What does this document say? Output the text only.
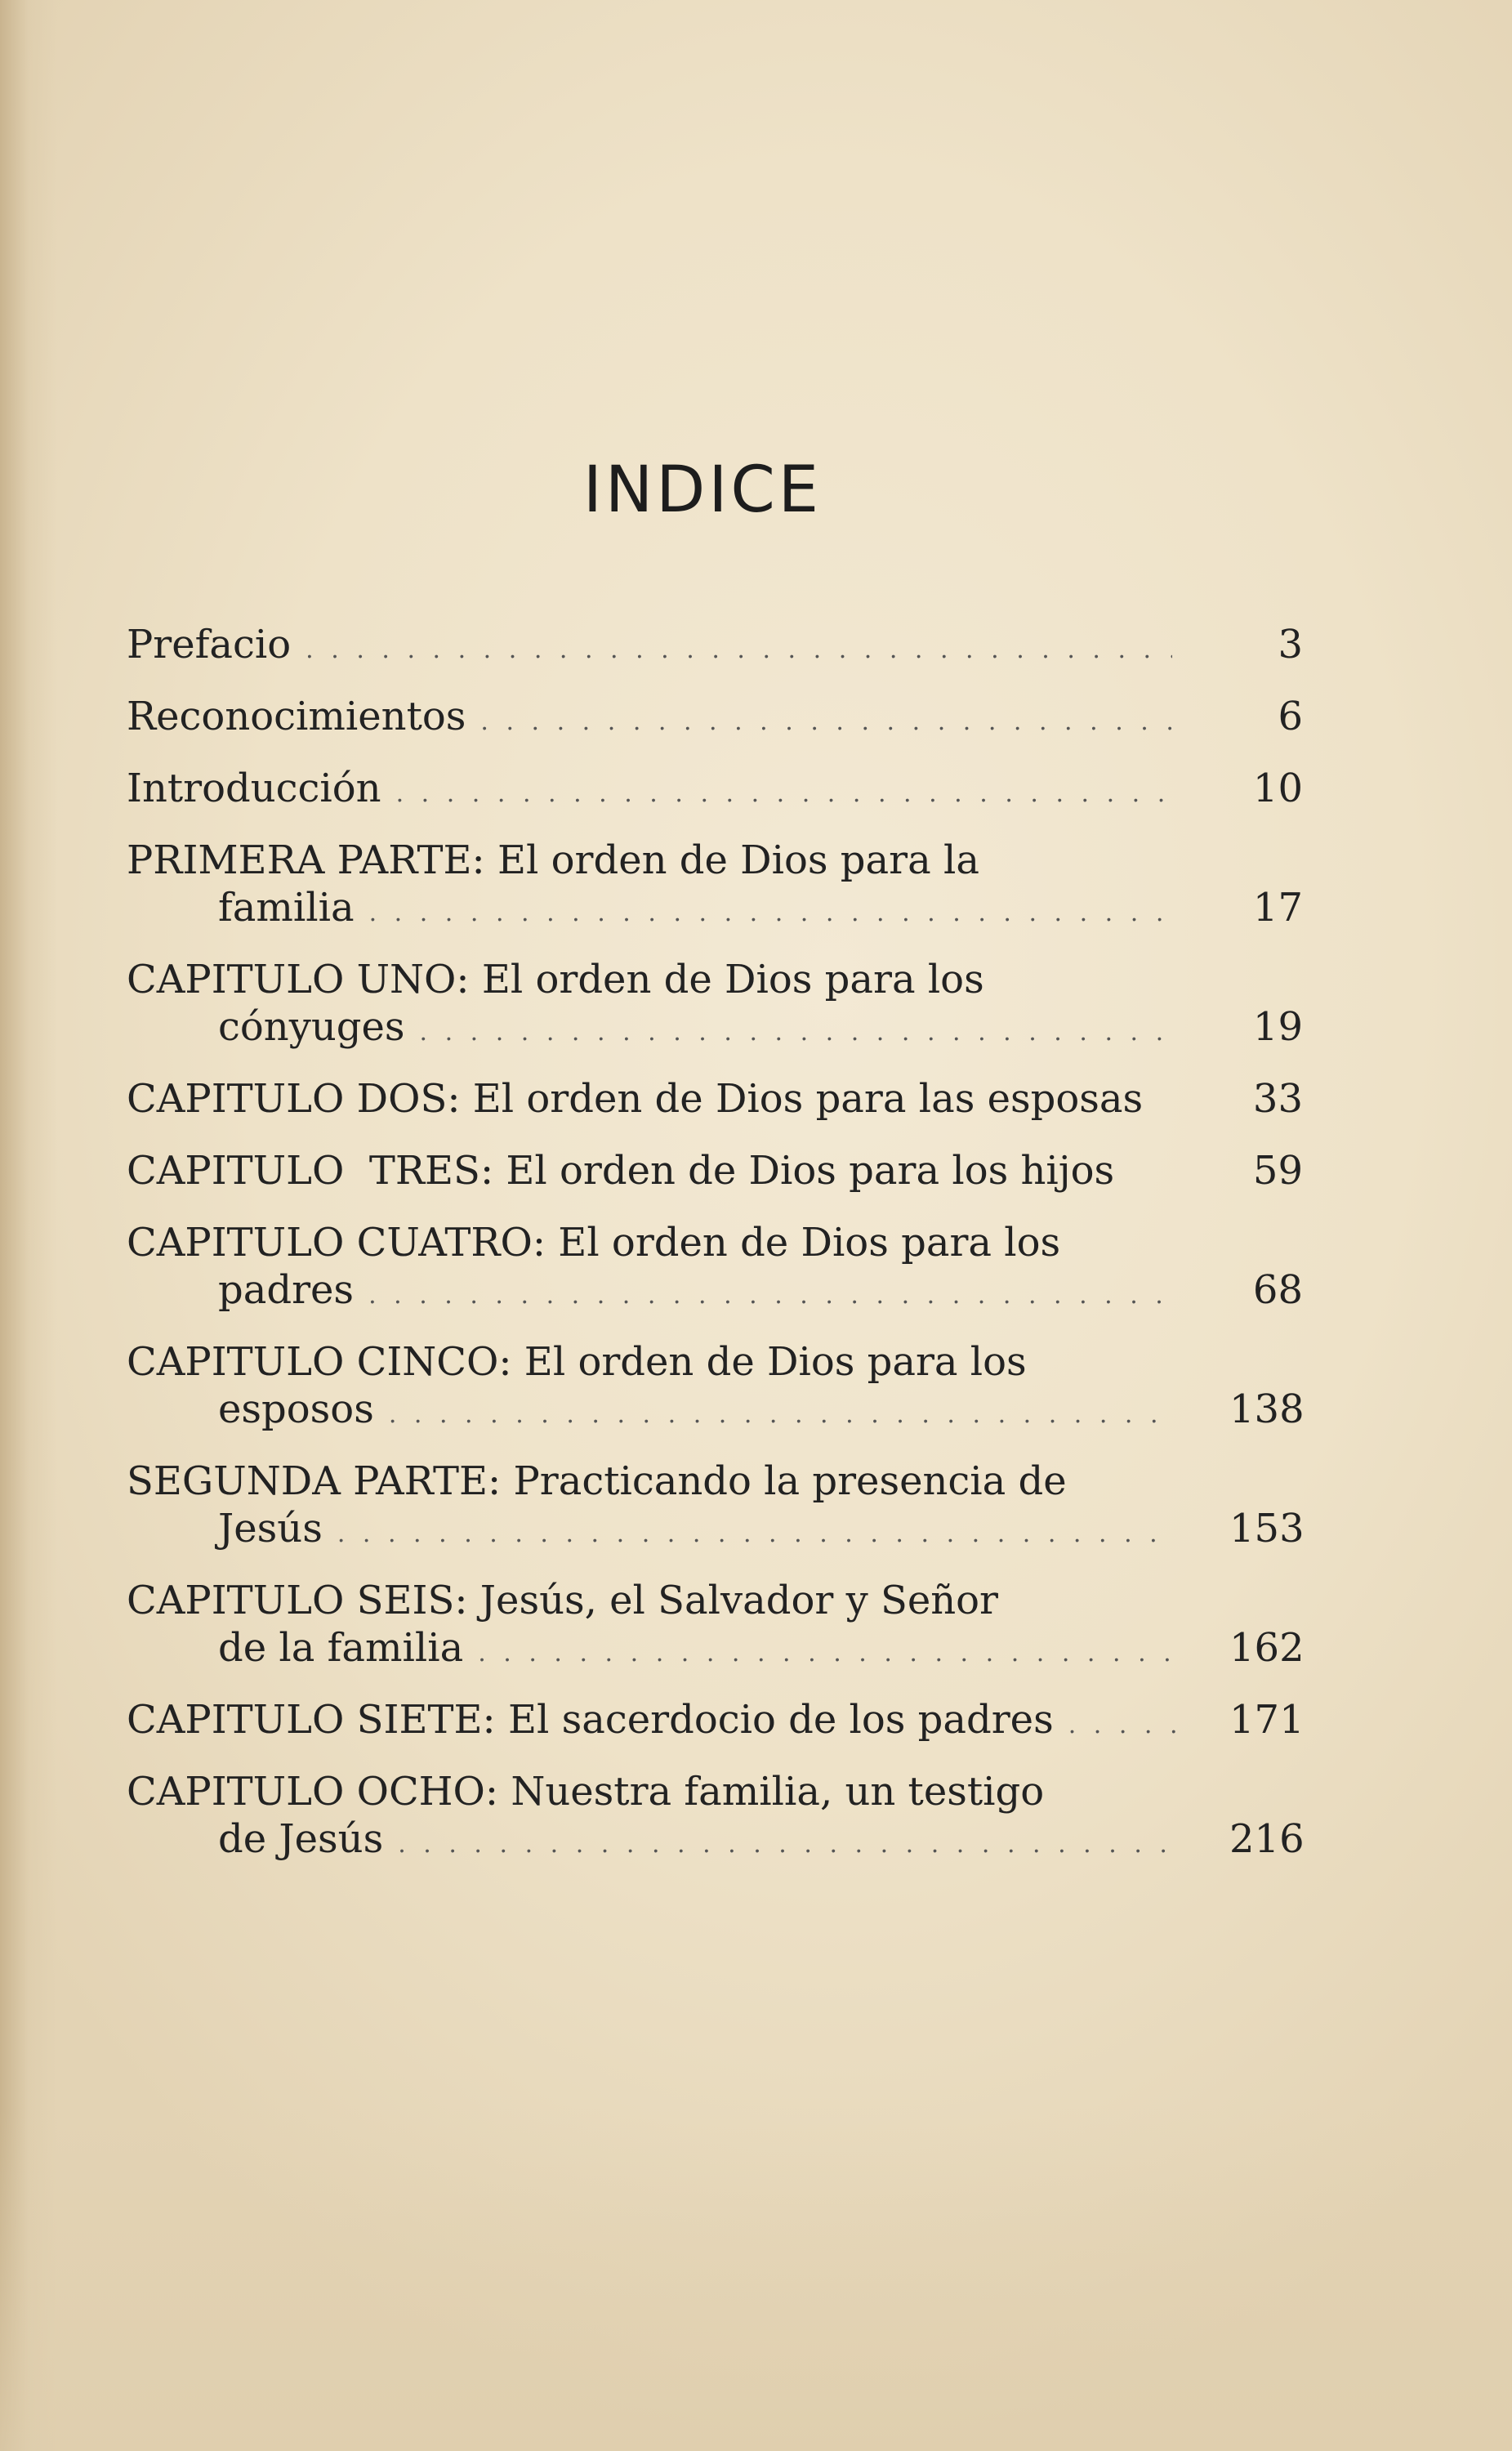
INDICE
Prefacio . . .	3
Reconocimientos . . .	6
Introducción . . .	10
PRIMERA PARTE: El orden de Dios para la
familia . . .	17
CAPITULO UNO: El orden de Dios para los
cónyuges . . .	19
CAPITULO DOS: El orden de Dios para las esposas	33
CAPITULO  TRES: El orden de Dios para los hijos	59
CAPITULO CUATRO: El orden de Dios para los
padres . . .	68
CAPITULO CINCO: El orden de Dios para los
esposos . . .	138
SEGUNDA PARTE: Practicando la presencia de
Jesús . . .	153
CAPITULO SEIS: Jesús, el Salvador y Señor
de la familia . . .	162
CAPITULO SIETE: El sacerdocio de los padres . . .	171
CAPITULO OCHO: Nuestra familia, un testigo
de Jesús . . .	216
